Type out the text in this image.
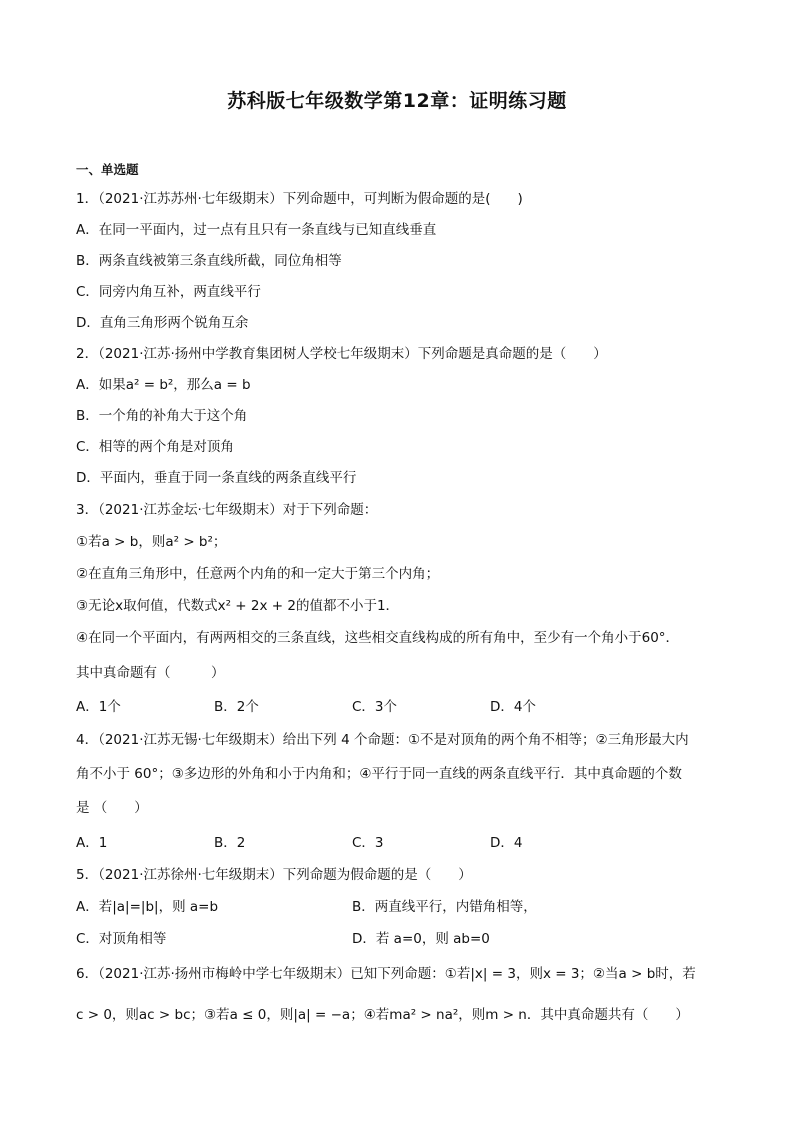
苏科版七年级数学第12章：证明练习题
一、单选题
1．（2021·江苏苏州·七年级期末）下列命题中，可判断为假命题的是(　　)
A．在同一平面内，过一点有且只有一条直线与已知直线垂直
B．两条直线被第三条直线所截，同位角相等
C．同旁内角互补，两直线平行
D．直角三角形两个锐角互余
2．（2021·江苏·扬州中学教育集团树人学校七年级期末）下列命题是真命题的是（　　）
A．如果a² = b²，那么a = b
B．一个角的补角大于这个角
C．相等的两个角是对顶角
D．平面内，垂直于同一条直线的两条直线平行
3．（2021·江苏金坛·七年级期末）对于下列命题：
①若a > b，则a² > b²；
②在直角三角形中，任意两个内角的和一定大于第三个内角；
③无论x取何值，代数式x² + 2x + 2的值都不小于1．
④在同一个平面内，有两两相交的三条直线，这些相交直线构成的所有角中，至少有一个角小于60°．
其中真命题有（　　　）
A．1个	B．2个	C．3个	D．4个
4．（2021·江苏无锡·七年级期末）给出下列 4 个命题：①不是对顶角的两个角不相等；②三角形最大内
角不小于 60°；③多边形的外角和小于内角和；④平行于同一直线的两条直线平行．其中真命题的个数
是 （　　）
A．1	B．2	C．3	D．4
5．（2021·江苏徐州·七年级期末）下列命题为假命题的是（　　）
A．若|a|=|b|，则 a=b	B．两直线平行，内错角相等，
C．对顶角相等	D．若 a=0，则 ab=0
6．（2021·江苏·扬州市梅岭中学七年级期末）已知下列命题：①若|x| = 3，则x = 3；②当a > b时，若
c > 0，则ac > bc；③若a ≤ 0，则|a| = −a；④若ma² > na²，则m > n．其中真命题共有（　　）
